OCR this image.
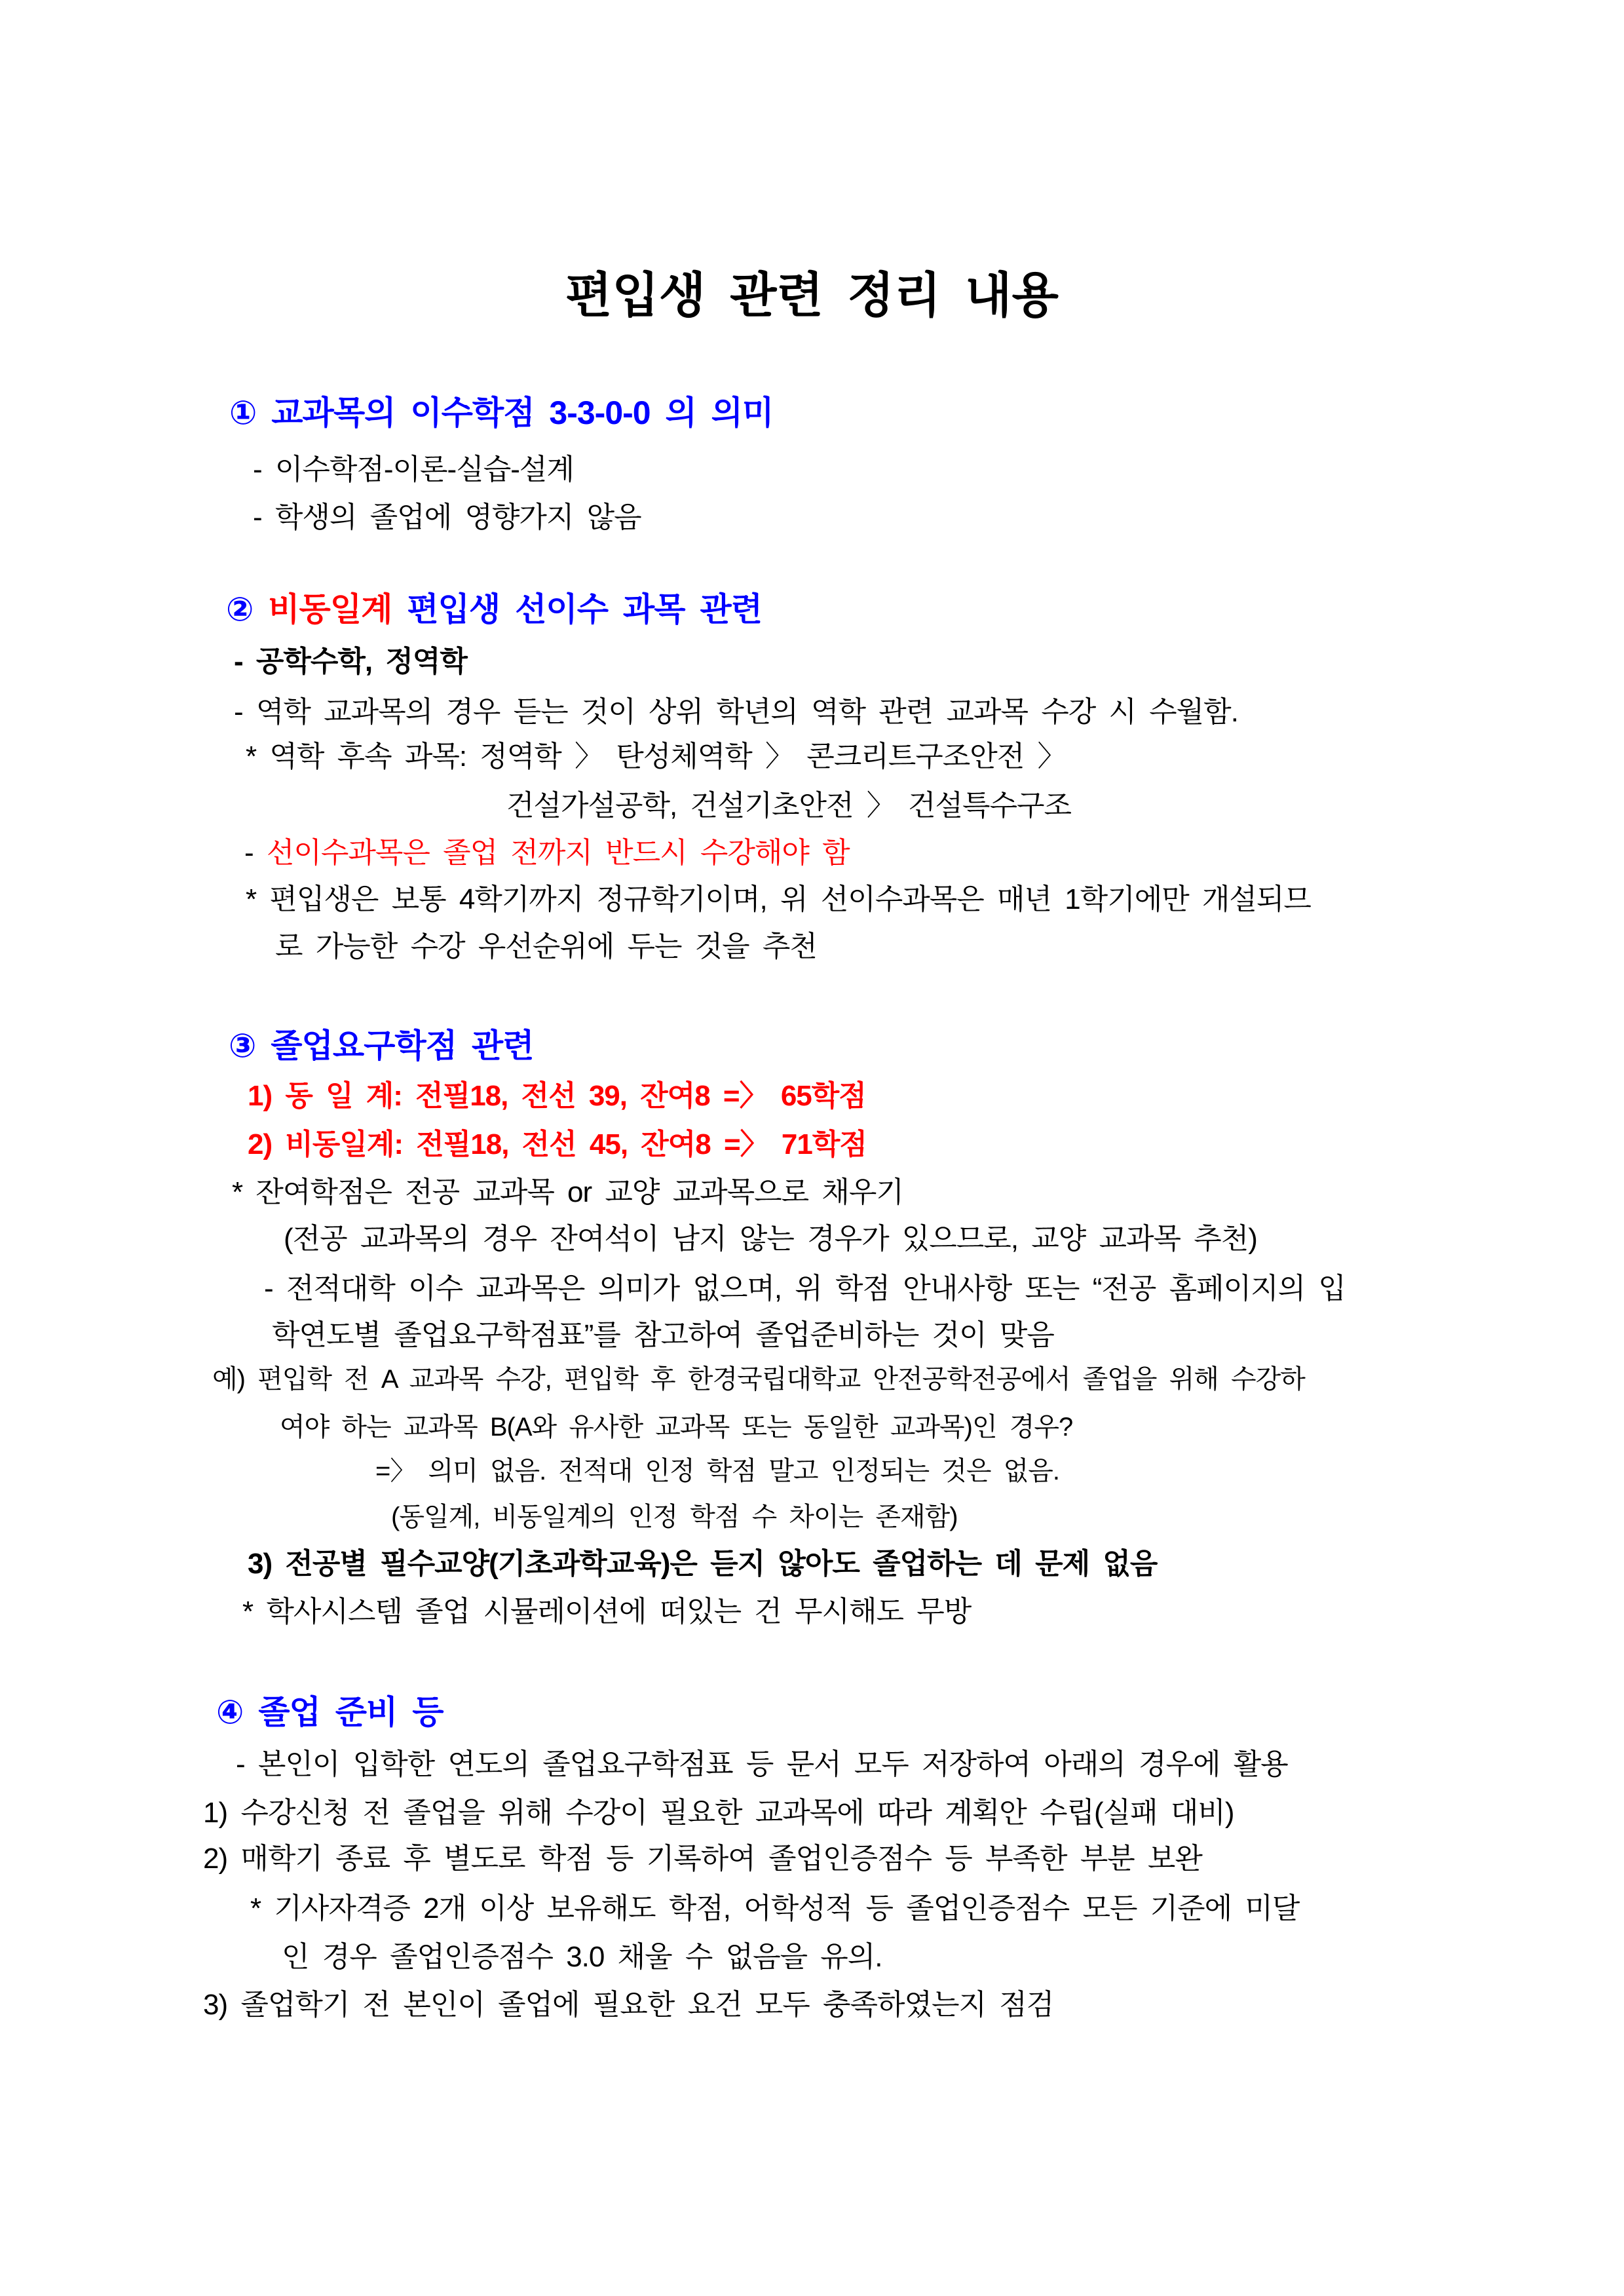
편입생 관련 정리 내용
① 교과목의 이수학점 3-3-0-0 의 의미
- 이수학점-이론-실습-설계
- 학생의 졸업에 영향가지 않음
② 비동일계 편입생 선이수 과목 관련
- 공학수학, 정역학
- 역학 교과목의 경우 듣는 것이 상위 학년의 역학 관련 교과목 수강 시 수월함.
* 역학 후속 과목: 정역학 〉 탄성체역학 〉 콘크리트구조안전 〉
건설가설공학, 건설기초안전 〉 건설특수구조
- 선이수과목은 졸업 전까지 반드시 수강해야 함
* 편입생은 보통 4학기까지 정규학기이며, 위 선이수과목은 매년 1학기에만 개설되므
로 가능한 수강 우선순위에 두는 것을 추천
③ 졸업요구학점 관련
1) 동 일 계: 전필18, 전선 39, 잔여8 =〉 65학점
2) 비동일계: 전필18, 전선 45, 잔여8 =〉 71학점
* 잔여학점은 전공 교과목 or 교양 교과목으로 채우기
(전공 교과목의 경우 잔여석이 남지 않는 경우가 있으므로, 교양 교과목 추천)
- 전적대학 이수 교과목은 의미가 없으며, 위 학점 안내사항 또는 “전공 홈페이지의 입
학연도별 졸업요구학점표”를 참고하여 졸업준비하는 것이 맞음
예) 편입학 전 A 교과목 수강, 편입학 후 한경국립대학교 안전공학전공에서 졸업을 위해 수강하
여야 하는 교과목 B(A와 유사한 교과목 또는 동일한 교과목)인 경우?
=〉 의미 없음. 전적대 인정 학점 말고 인정되는 것은 없음.
(동일계, 비동일계의 인정 학점 수 차이는 존재함)
3) 전공별 필수교양(기초과학교육)은 듣지 않아도 졸업하는 데 문제 없음
* 학사시스템 졸업 시뮬레이션에 떠있는 건 무시해도 무방
④ 졸업 준비 등
- 본인이 입학한 연도의 졸업요구학점표 등 문서 모두 저장하여 아래의 경우에 활용
1) 수강신청 전 졸업을 위해 수강이 필요한 교과목에 따라 계획안 수립(실패 대비)
2) 매학기 종료 후 별도로 학점 등 기록하여 졸업인증점수 등 부족한 부분 보완
* 기사자격증 2개 이상 보유해도 학점, 어학성적 등 졸업인증점수 모든 기준에 미달
인 경우 졸업인증점수 3.0 채울 수 없음을 유의.
3) 졸업학기 전 본인이 졸업에 필요한 요건 모두 충족하였는지 점검
